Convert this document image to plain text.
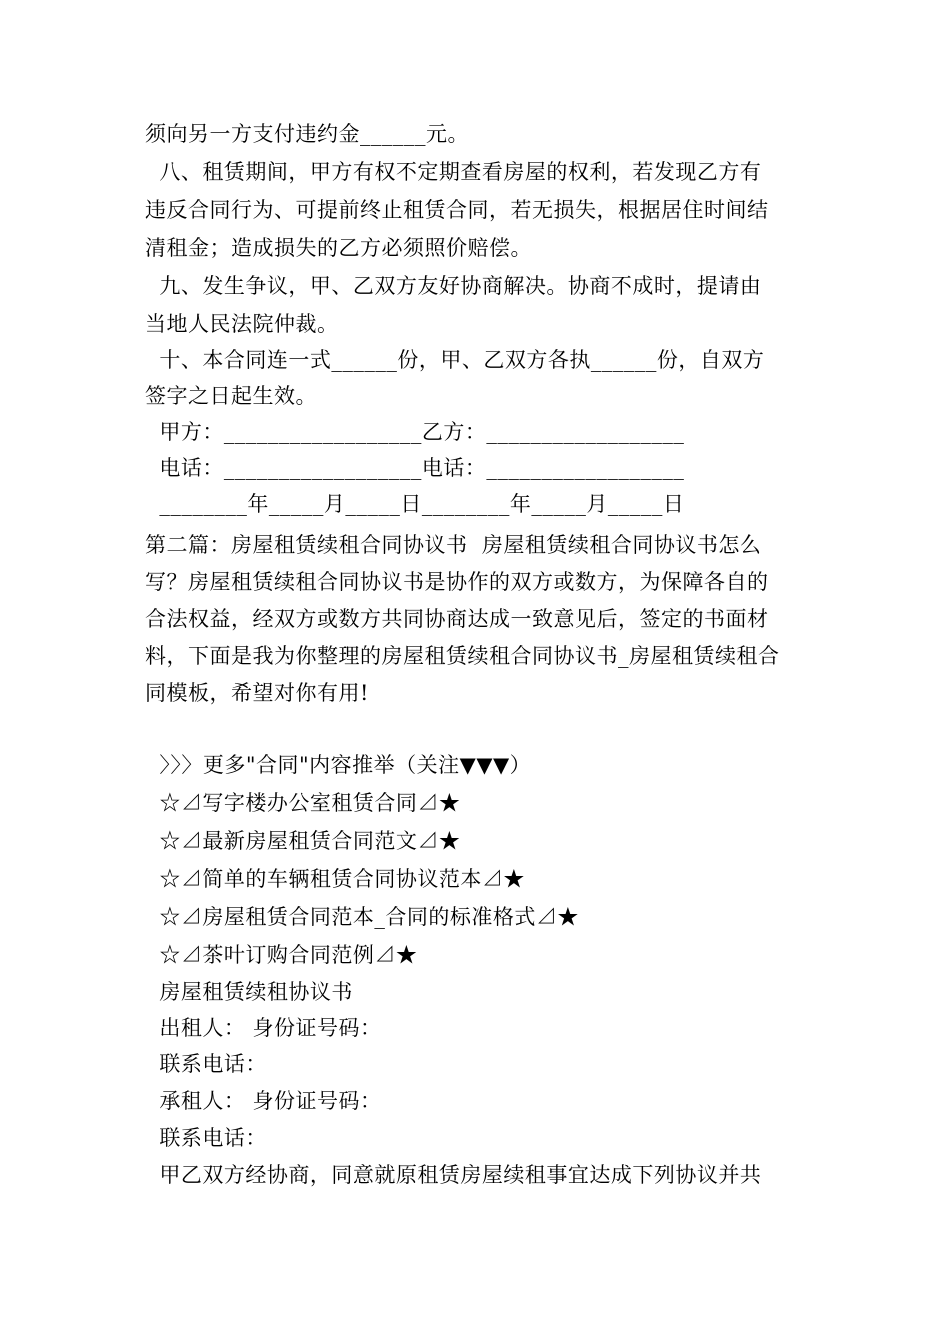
须向另一方支付违约金______元。
八、租赁期间，甲方有权不定期查看房屋的权利，若发现乙方有
违反合同行为、可提前终止租赁合同，若无损失，根据居住时间结
清租金；造成损失的乙方必须照价赔偿。
九、发生争议，甲、乙双方友好协商解决。协商不成时，提请由
当地人民法院仲裁。
十、本合同连一式______份，甲、乙双方各执______份，自双方
签字之日起生效。
甲方：__________________乙方：__________________
电话：__________________电话：__________________
________年_____月_____日________年_____月_____日
第二篇：房屋租赁续租合同协议书  房屋租赁续租合同协议书怎么
写？房屋租赁续租合同协议书是协作的双方或数方，为保障各自的
合法权益，经双方或数方共同协商达成一致意见后，签定的书面材
料，下面是我为你整理的房屋租赁续租合同协议书_房屋租赁续租合
同模板，希望对你有用!
〉〉〉更多"合同"内容推举（关注▼▼▼）
☆⊿写字楼办公室租赁合同⊿★
☆⊿最新房屋租赁合同范文⊿★
☆⊿简单的车辆租赁合同协议范本⊿★
☆⊿房屋租赁合同范本_合同的标准格式⊿★
☆⊿茶叶订购合同范例⊿★
房屋租赁续租协议书
出租人： 身份证号码：
联系电话：
承租人： 身份证号码：
联系电话：
甲乙双方经协商，同意就原租赁房屋续租事宜达成下列协议并共
